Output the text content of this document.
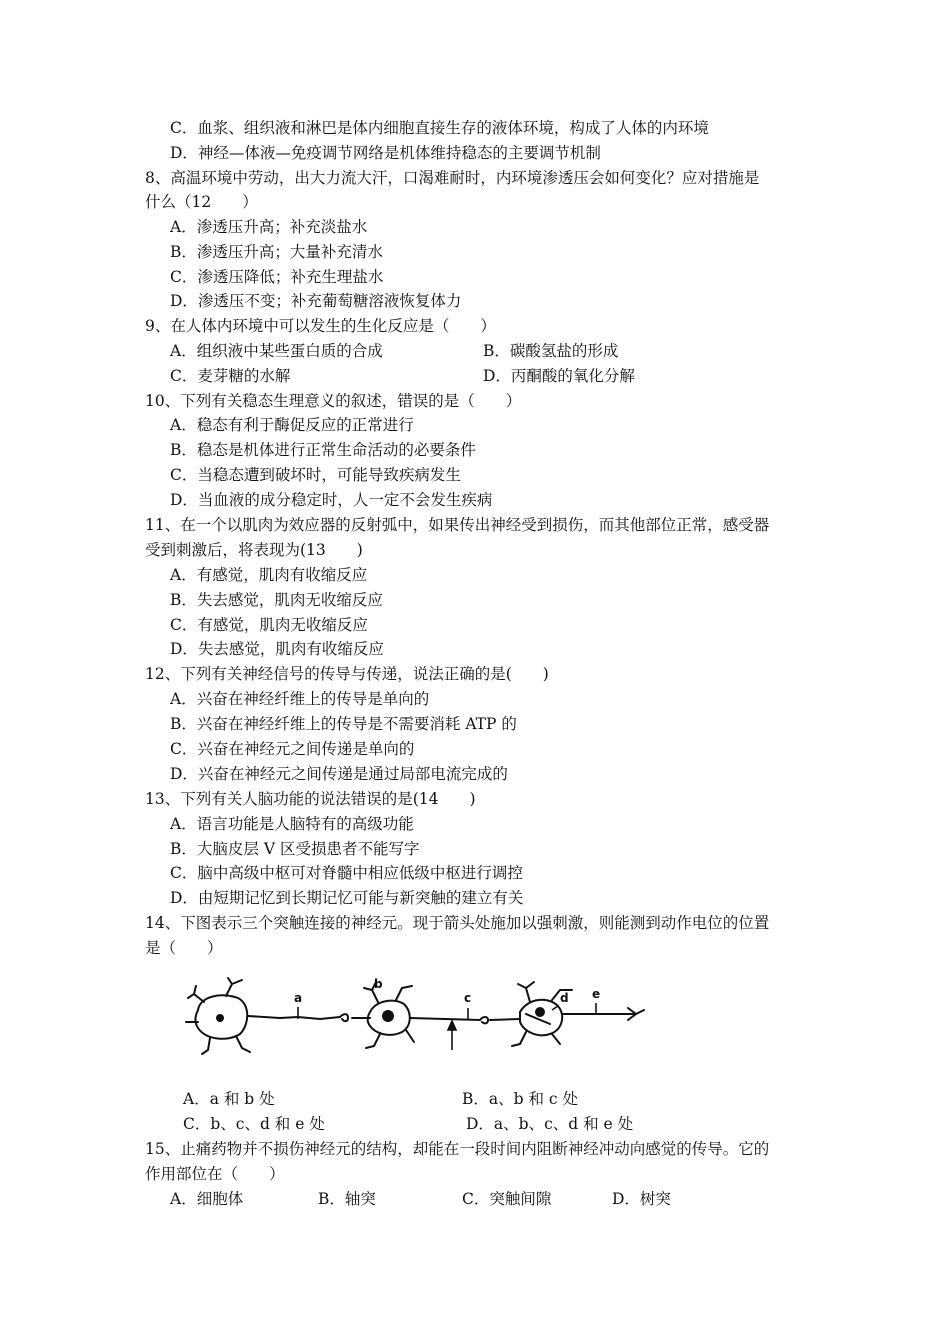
C．血浆、组织液和淋巴是体内细胞直接生存的液体环境，构成了人体的内环境
D．神经—体液—免疫调节网络是机体维持稳态的主要调节机制
8、高温环境中劳动，出大力流大汗，口渴难耐时，内环境渗透压会如何变化？应对措施是
什么（12　　）
A．渗透压升高；补充淡盐水
B．渗透压升高；大量补充清水
C．渗透压降低；补充生理盐水
D．渗透压不变；补充葡萄糖溶液恢复体力
9、在人体内环境中可以发生的生化反应是（　　）
A．组织液中某些蛋白质的合成	B．碳酸氢盐的形成
C．麦芽糖的水解	D．丙酮酸的氧化分解
10、下列有关稳态生理意义的叙述，错误的是（　　）
A．稳态有利于酶促反应的正常进行
B．稳态是机体进行正常生命活动的必要条件
C．当稳态遭到破坏时，可能导致疾病发生
D．当血液的成分稳定时，人一定不会发生疾病
11、在一个以肌肉为效应器的反射弧中，如果传出神经受到损伤，而其他部位正常，感受器
受到刺激后，将表现为(13　　)
A．有感觉，肌肉有收缩反应
B．失去感觉，肌肉无收缩反应
C．有感觉，肌肉无收缩反应
D．失去感觉，肌肉有收缩反应
12、下列有关神经信号的传导与传递，说法正确的是(　　)
A．兴奋在神经纤维上的传导是单向的
B．兴奋在神经纤维上的传导是不需要消耗 ATP 的
C．兴奋在神经元之间传递是单向的
D．兴奋在神经元之间传递是通过局部电流完成的
13、下列有关人脑功能的说法错误的是(14　　)
A．语言功能是人脑特有的高级功能
B．大脑皮层 V 区受损患者不能写字
C．脑中高级中枢可对脊髓中相应低级中枢进行调控
D．由短期记忆到长期记忆可能与新突触的建立有关
14、下图表示三个突触连接的神经元。现于箭头处施加以强刺激，则能测到动作电位的位置
是（　　）
a
b
c	d e
A．a 和 b 处	B．a、b 和 c 处
C．b、c、d 和 e 处	D．a、b、c、d 和 e 处
15、止痛药物并不损伤神经元的结构，却能在一段时间内阻断神经冲动向感觉的传导。它的
作用部位在（　　）
A．细胞体	B．轴突	C．突触间隙	D．树突
